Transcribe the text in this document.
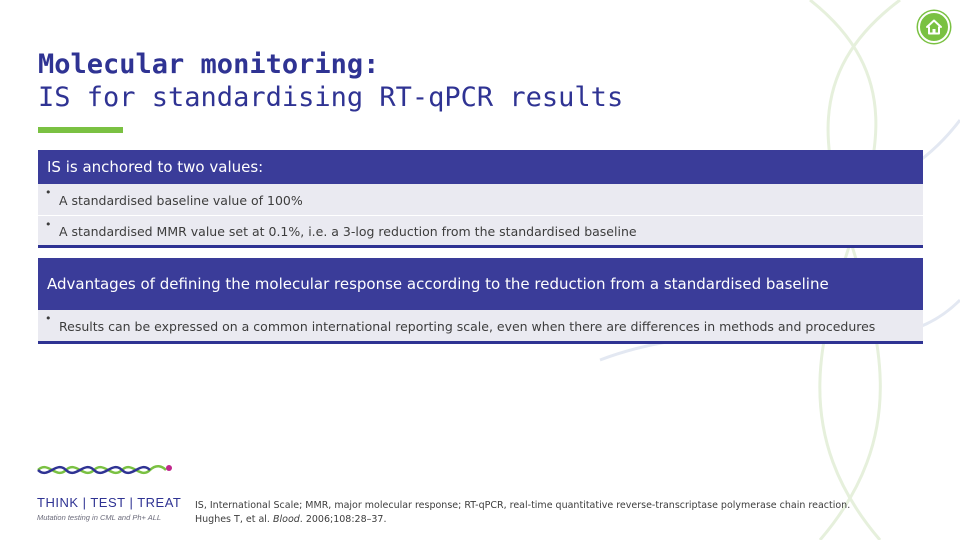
Molecular monitoring:
IS for standardising RT-qPCR results
IS is anchored to two values:
• A standardised baseline value of 100%
• A standardised MMR value set at 0.1%, i.e. a 3-log reduction from the standardised baseline
Advantages of defining the molecular response according to the reduction from a standardised baseline
• Results can be expressed on a common international reporting scale, even when there are differences in methods and procedures
THINK | TEST | TREAT
Mutation testing in CML and Ph+ ALL

IS, International Scale; MMR, major molecular response; RT-qPCR, real-time quantitative reverse-transcriptase polymerase chain reaction.

Hughes T, et al. Blood. 2006;108:28–37.
